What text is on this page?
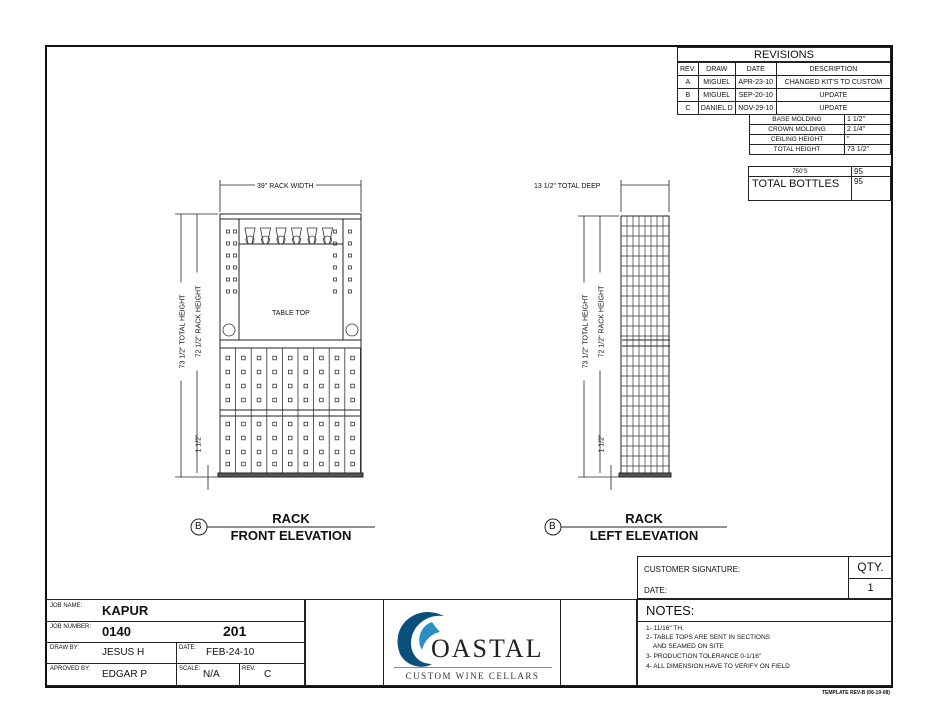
REVISIONS
REV.	DRAW	DATE	DESCRIPTION
A	MIGUEL	APR-23-10	CHANGED KIT'S TO CUSTOM
B	MIGUEL	SEP-20-10	UPDATE
C	DANIEL D	NOV-29-10	UPDATE
BASE MOLDING	1 1/2"
CROWN MOLDING	2 1/4"
CEILING HEIGHT	"
TOTAL HEIGHT	73 1/2"
750'S	95
TOTAL BOTTLES 95
39" RACK WIDTH
73 1/2" TOTAL HEIGHT 72 1/2" RACK HEIGHT
1 1/2"
TABLE TOP
13 1/2" TOTAL DEEP
73 1/2" TOTAL HEIGHT 72 1/2" RACK HEIGHT
1 1/2"
B
RACK
FRONT ELEVATION
B
RACK
LEFT ELEVATION
CUSTOMER SIGNATURE:
DATE:
QTY.
1
NOTES:
1- 11/16" TH.
2- TABLE TOPS ARE SENT IN SECTIONS
AND SEAMED ON SITE
3- PRODUCTION TOLERANCE 0-1/16"
4- ALL DIMENSION HAVE TO VERIFY ON FIELD
JOB NAME: KAPUR
JOB NUMBER: 0140	201
DRAW BY: JESUS H	DATE: FEB-24-10
APROVED BY: EDGAR P	SCALE: N/A	REV. C
OASTAL
CUSTOM WINE CELLARS
TEMPLATE REV-B (06-19-08)
